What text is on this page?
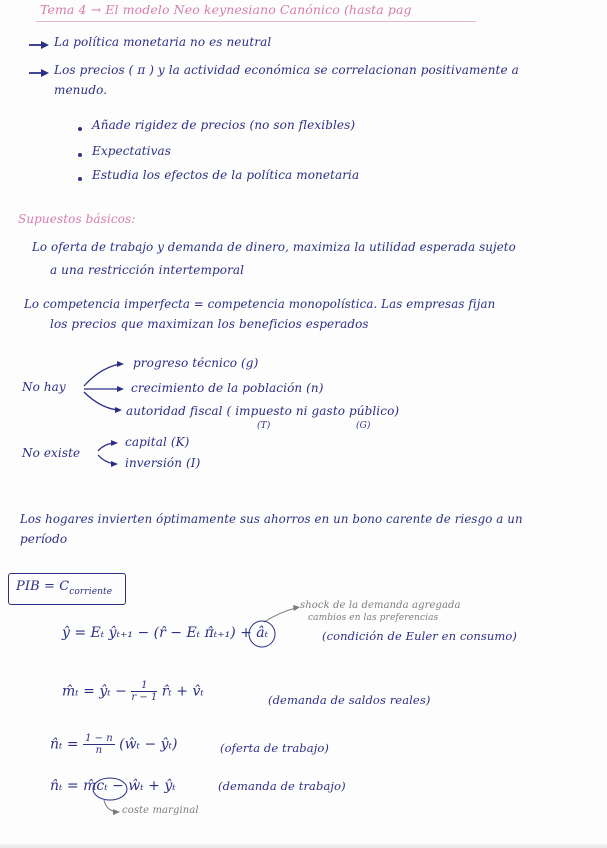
Tema 4 → El modelo Neo keynesiano Canónico (hasta pag
La política monetaria no es neutral
Los precios ( π ) y la actividad económica se correlacionan positivamente a
menudo.
Añade rigidez de precios (no son flexibles)
Expectativas
Estudia los efectos de la política monetaria
Supuestos básicos:
Lo oferta de trabajo y demanda de dinero, maximiza la utilidad esperada sujeto
a una restricción intertemporal
Lo competencia imperfecta = competencia monopolística. Las empresas fijan
los precios que maximizan los beneficios esperados
No hay
progreso técnico (g)
crecimiento de la población (n)
autoridad fiscal ( impuesto ni gasto público)
(T)	(G)
No existe
capital (K)
inversión (I)
Los hogares invierten óptimamente sus ahorros en un bono carente de riesgo a un
período
PIB = $C_{corriente}$
shock de la demanda agregada
cambios en las preferencias
ŷ = Eₜ ŷₜ₊₁ − (r̂ − Eₜ π̂ₜ₊₁) + âₜ	(condición de Euler en consumo)
m̂ₜ = ŷₜ − $\frac{1}{r - 1}$ r̂ₜ + v̂ₜ
(demanda de saldos reales)
n̂ₜ = $\frac{1 - n}{n}$ (ŵₜ − ŷₜ)	(oferta de trabajo)
n̂ₜ = m̂cₜ − ŵₜ + ŷₜ	(demanda de trabajo)
coste marginal
